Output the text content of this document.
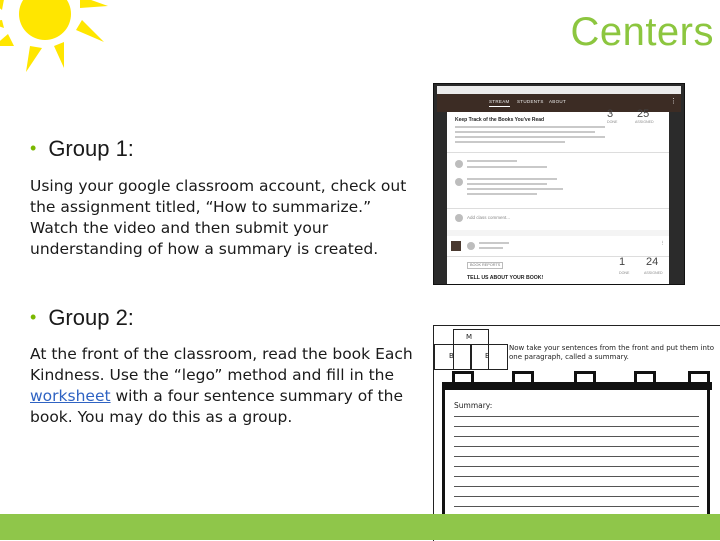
Centers
• Group 1:
Using your google classroom account, check out
the assignment titled, “How to summarize.”
Watch the video and then submit your
understanding of how a summary is created.
• Group 2:
At the front of the classroom, read the book Each
Kindness. Use the “lego” method and fill in the
worksheet with a four sentence summary of the
book. You may do this as a group.
STREAM STUDENTS ABOUT	⋮
Keep Track of the Books You've Read	3 25
DONE	ASSIGNED
Add class comment...
⋮
BOOK REPORTS	1 24
DONE	ASSIGNED
TELL US ABOUT YOUR BOOK!
M
B	E
Now take your sentences from the front and put them into one paragraph, called a summary.
Summary:
